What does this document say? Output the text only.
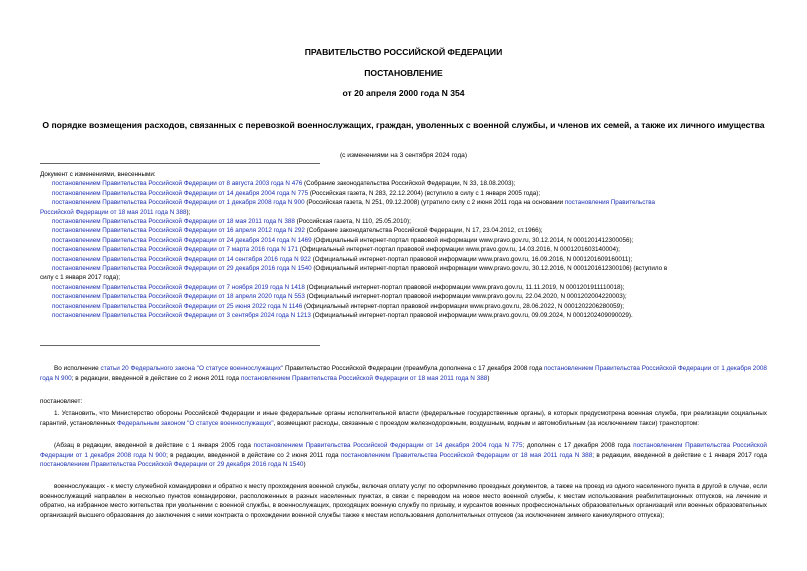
ПРАВИТЕЛЬСТВО РОССИЙСКОЙ ФЕДЕРАЦИИ
ПОСТАНОВЛЕНИЕ
от 20 апреля 2000 года N 354
О порядке возмещения расходов, связанных с перевозкой военнослужащих, граждан, уволенных с военной службы, и членов их семей, а также их личного имущества
(с изменениями на 3 сентября 2024 года)
Документ с изменениями, внесенными:
постановлением Правительства Российской Федерации от 8 августа 2003 года N 476 (Собрание законодательства Российской Федерации, N 33, 18.08.2003);
постановлением Правительства Российской Федерации от 14 декабря 2004 года N 775 (Российская газета, N 283, 22.12.2004) (вступило в силу с 1 января 2005 года);
постановлением Правительства Российской Федерации от 1 декабря 2008 года N 900 (Российская газета, N 251, 09.12.2008) (утратило силу с 2 июня 2011 года на основании постановления Правительства
Российской Федерации от 18 мая 2011 года N 388);
постановлением Правительства Российской Федерации от 18 мая 2011 года N 388 (Российская газета, N 110, 25.05.2010);
постановлением Правительства Российской Федерации от 16 апреля 2012 года N 292 (Собрание законодательства Российской Федерации, N 17, 23.04.2012, ст.1966);
постановлением Правительства Российской Федерации от 24 декабря 2014 года N 1469 (Официальный интернет-портал правовой информации www.pravo.gov.ru, 30.12.2014, N 0001201412300056);
постановлением Правительства Российской Федерации от 7 марта 2016 года N 171 (Официальный интернет-портал правовой информации www.pravo.gov.ru, 14.03.2016, N 0001201603140004);
постановлением Правительства Российской Федерации от 14 сентября 2016 года N 922 (Официальный интернет-портал правовой информации www.pravo.gov.ru, 16.09.2016, N 0001201609160011);
постановлением Правительства Российской Федерации от 29 декабря 2016 года N 1540 (Официальный интернет-портал правовой информации www.pravo.gov.ru, 30.12.2016, N 0001201612300106) (вступило в
силу с 1 января 2017 года);
постановлением Правительства Российской Федерации от 7 ноября 2019 года N 1418 (Официальный интернет-портал правовой информации www.pravo.gov.ru, 11.11.2019, N 0001201911110018);
постановлением Правительства Российской Федерации от 18 апреля 2020 года N 553 (Официальный интернет-портал правовой информации www.pravo.gov.ru, 22.04.2020, N 0001202004220003);
постановлением Правительства Российской Федерации от 25 июня 2022 года N 1146 (Официальный интернет-портал правовой информации www.pravo.gov.ru, 28.06.2022, N 0001202206280059);
постановлением Правительства Российской Федерации от 3 сентября 2024 года N 1213 (Официальный интернет-портал правовой информации www.pravo.gov.ru, 09.09.2024, N 0001202409090029).
Во исполнение статьи 20 Федерального закона "О статусе военнослужащих" Правительство Российской Федерации (преамбула дополнена с 17 декабря 2008 года постановлением Правительства Российской Федерации от 1 декабря 2008 года N 900; в редакции, введенной в действие со 2 июня 2011 года постановлением Правительства Российской Федерации от 18 мая 2011 года N 388)
постановляет:
1. Установить, что Министерство обороны Российской Федерации и иные федеральные органы исполнительной власти (федеральные государственные органы), в которых предусмотрена военная служба, при реализации социальных гарантий, установленных Федеральным законом "О статусе военнослужащих", возмещают расходы, связанные с проездом железнодорожным, воздушным, водным и автомобильным (за исключением такси) транспортом:
(Абзац в редакции, введенной в действие с 1 января 2005 года постановлением Правительства Российской Федерации от 14 декабря 2004 года N 775; дополнен с 17 декабря 2008 года постановлением Правительства Российской Федерации от 1 декабря 2008 года N 900; в редакции, введенной в действие со 2 июня 2011 года постановлением Правительства Российской Федерации от 18 мая 2011 года N 388; в редакции, введенной в действие с 1 января 2017 года постановлением Правительства Российской Федерации от 29 декабря 2016 года N 1540)
военнослужащих - к месту служебной командировки и обратно к месту прохождения военной службы, включая оплату услуг по оформлению проездных документов, а также на проезд из одного населенного пункта в другой в случае, если военнослужащий направлен в несколько пунктов командировки, расположенных в разных населенных пунктах, в связи с переводом на новое место военной службы, к местам использования реабилитационных отпусков, на лечение и обратно, на избранное место жительства при увольнении с военной службы, в военнослужащих, проходящих военную службу по призыву, и курсантов военных профессиональных образовательных организаций или военных образовательных организаций высшего образования до заключения с ними контракта о прохождении военной службы также к местам использования дополнительных отпусков (за исключением зимнего каникулярного отпуска);
